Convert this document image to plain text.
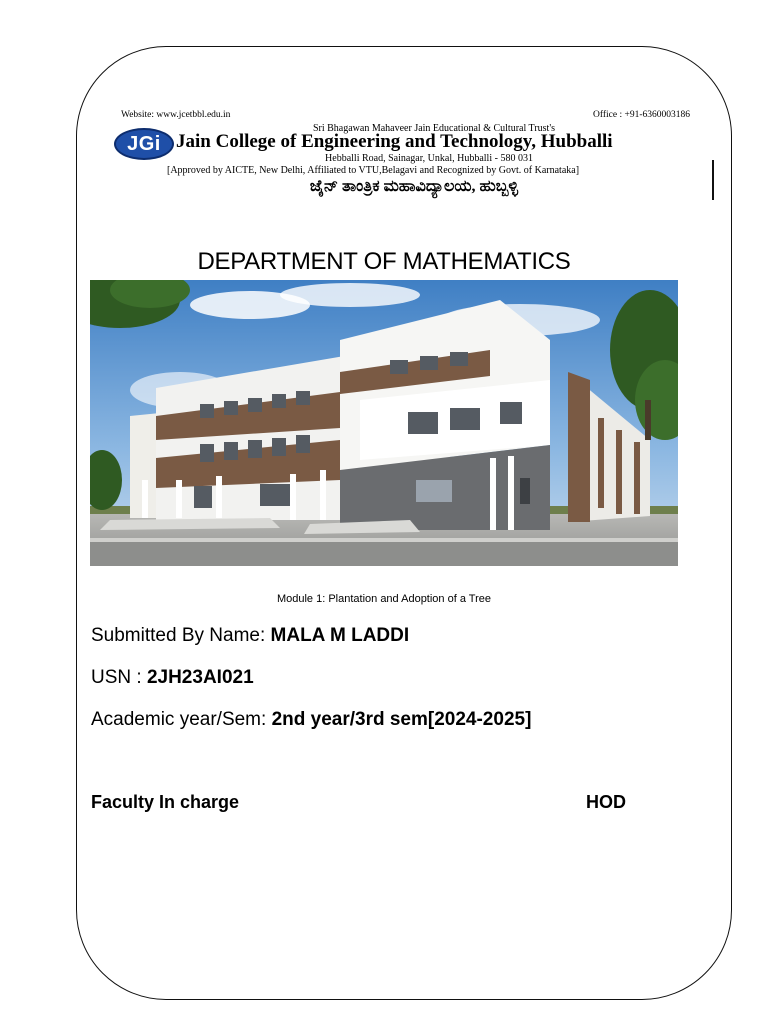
Website: www.jcetbbl.edu.in	Office : +91-6360003186
Sri Bhagawan Mahaveer Jain Educational & Cultural Trust's
JGi Jain College of Engineering and Technology, Hubballi
Hebballi Road, Sainagar, Unkal, Hubballi - 580 031
[Approved by AICTE, New Delhi, Affiliated to VTU,Belagavi and Recognized by Govt. of Karnataka]
ಜೈನ್ ತಾಂತ್ರಿಕ ಮಹಾವಿದ್ಯಾಲಯ, ಹುಬ್ಬಳ್ಳಿ
DEPARTMENT OF MATHEMATICS
Module 1: Plantation and Adoption of a Tree
Submitted By Name: MALA M LADDI
USN : 2JH23AI021
Academic year/Sem: 2nd year/3rd sem[2024-2025]
Faculty In charge	HOD
